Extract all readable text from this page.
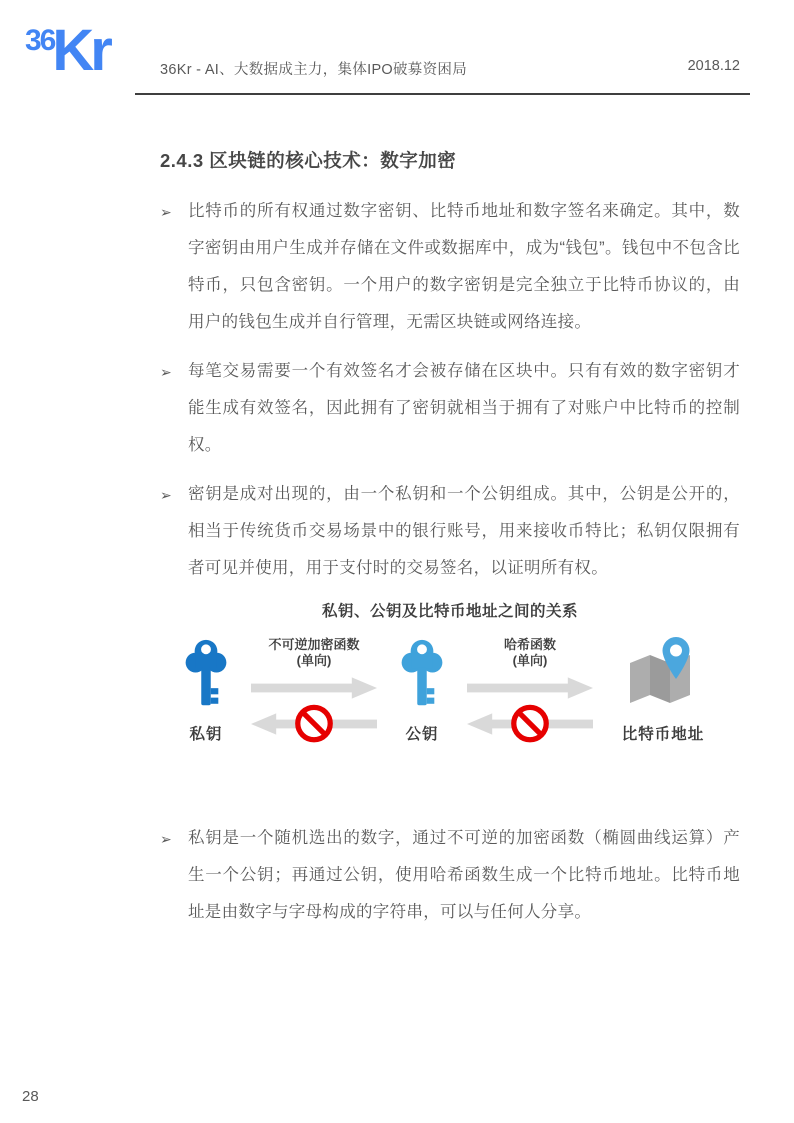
36
Kr	36Kr - AI、大数据成主力，集体IPO破募资困局	2018.12
2.4.3 区块链的核心技术：数字加密
➢ 比特币的所有权通过数字密钥、比特币地址和数字签名来确定。其中，数字密钥由用户生成并存储在文件或数据库中，成为“钱包”。钱包中不包含比特币，只包含密钥。一个用户的数字密钥是完全独立于比特币协议的，由用户的钱包生成并自行管理，无需区块链或网络连接。
➢ 每笔交易需要一个有效签名才会被存储在区块中。只有有效的数字密钥才能生成有效签名，因此拥有了密钥就相当于拥有了对账户中比特币的控制权。
➢ 密钥是成对出现的，由一个私钥和一个公钥组成。其中，公钥是公开的，相当于传统货币交易场景中的银行账号，用来接收币特比；私钥仅限拥有者可见并使用，用于支付时的交易签名，以证明所有权。
私钥、公钥及比特币地址之间的关系
私钥
不可逆加密函数
(单向)
公钥
哈希函数
(单向)
比特币地址
➢ 私钥是一个随机选出的数字，通过不可逆的加密函数（椭圆曲线运算）产生一个公钥；再通过公钥，使用哈希函数生成一个比特币地址。比特币地址是由数字与字母构成的字符串，可以与任何人分享。
28
